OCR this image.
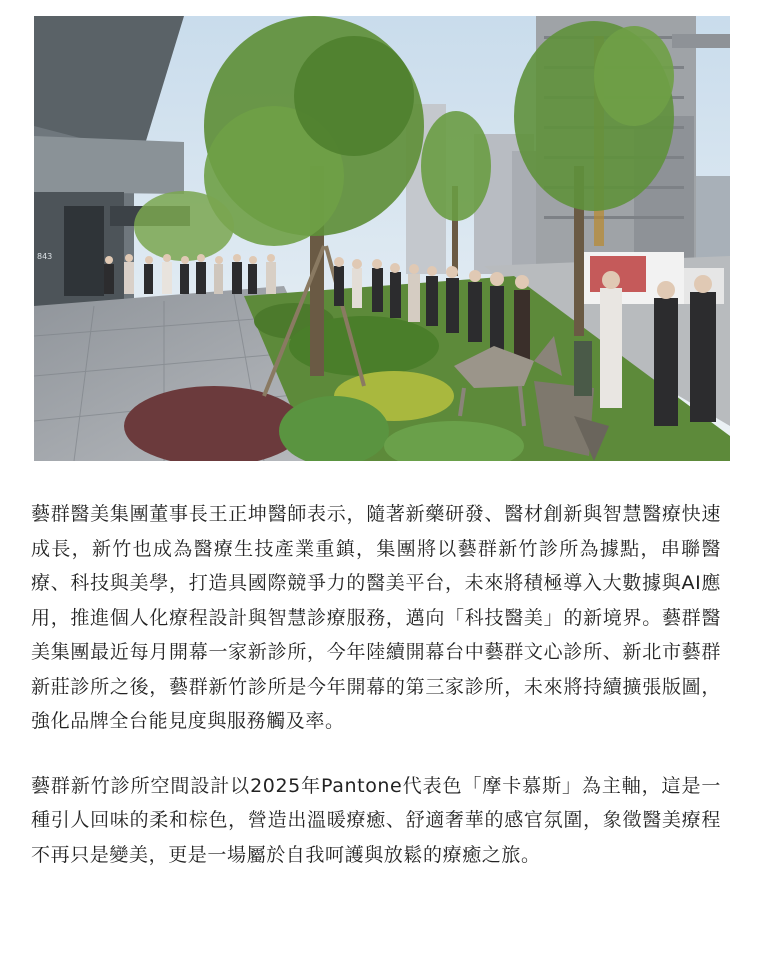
843

藝群醫美集團董事長王正坤醫師表示，隨著新藥研發、醫材創新與智慧醫療快速成長，新竹也成為醫療生技產業重鎮，集團將以藝群新竹診所為據點，串聯醫療、科技與美學，打造具國際競爭力的醫美平台，未來將積極導入大數據與AI應用，推進個人化療程設計與智慧診療服務，邁向「科技醫美」的新境界。藝群醫美集團最近每月開幕一家新診所，今年陸續開幕台中藝群文心診所、新北市藝群新莊診所之後，藝群新竹診所是今年開幕的第三家診所，未來將持續擴張版圖，強化品牌全台能見度與服務觸及率。

藝群新竹診所空間設計以2025年Pantone代表色「摩卡慕斯」為主軸，這是一種引人回味的柔和棕色，營造出溫暖療癒、舒適奢華的感官氛圍，象徵醫美療程不再只是變美，更是一場屬於自我呵護與放鬆的療癒之旅。
